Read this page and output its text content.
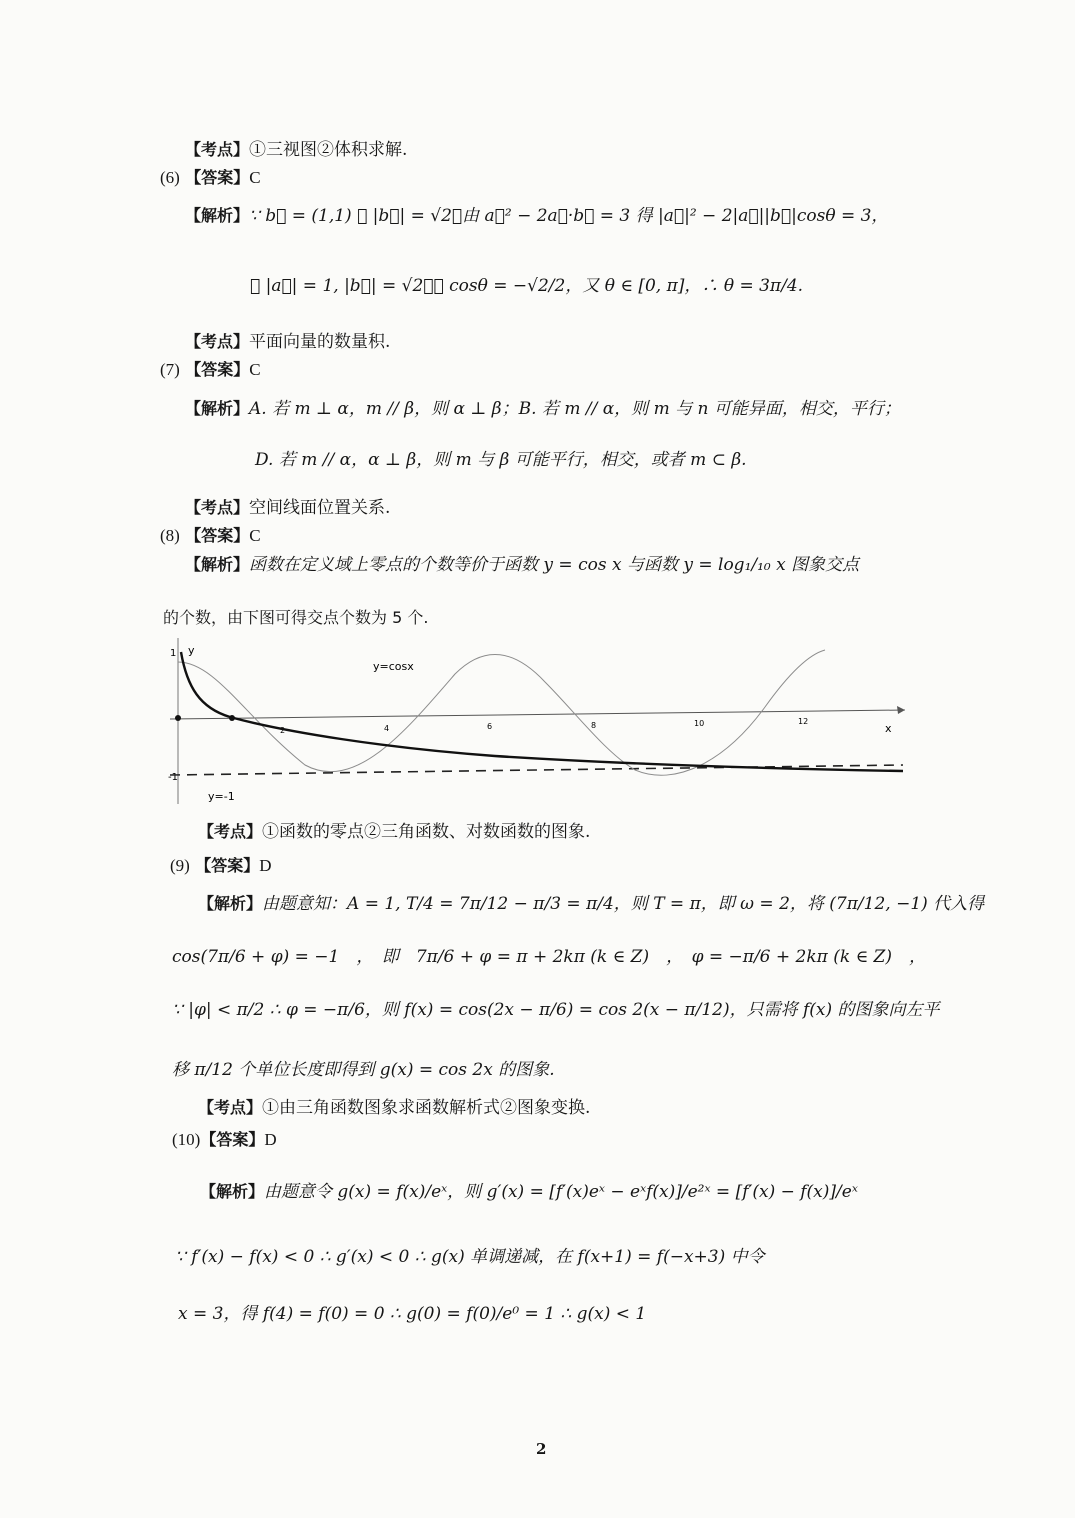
【考点】①三视图②体积求解.
(6) 【答案】C
【解析】∵ b⃗ = (1,1) ∴ |b⃗| = √2，由 a⃗² − 2a⃗·b⃗ = 3 得 |a⃗|² − 2|a⃗||b⃗|cosθ = 3，
∵ |a⃗| = 1, |b⃗| = √2，∴ cosθ = −√2/2，又 θ ∈ [0, π]，∴ θ = 3π/4.
【考点】平面向量的数量积.
(7) 【答案】C
【解析】A. 若 m ⊥ α，m // β，则 α ⊥ β；B. 若 m // α，则 m 与 n 可能异面，相交，平行；
D. 若 m // α，α ⊥ β，则 m 与 β 可能平行，相交，或者 m ⊂ β.
【考点】空间线面位置关系.
(8) 【答案】C
【解析】函数在定义域上零点的个数等价于函数 y = cos x 与函数 y = log₁/₁₀ x 图象交点
的个数，由下图可得交点个数为 5 个.
1 y
x
-1
2	4	6	8	10	12
y=-1
y=cosx
【考点】①函数的零点②三角函数、对数函数的图象.
(9) 【答案】D
【解析】由题意知：A = 1, T/4 = 7π/12 − π/3 = π/4，则 T = π，即 ω = 2，将 (7π/12, −1) 代入得
cos(7π/6 + φ) = −1　，　即　7π/6 + φ = π + 2kπ (k ∈ Z)　，　φ = −π/6 + 2kπ (k ∈ Z)　，
∵ |φ| < π/2 ∴ φ = −π/6，则 f(x) = cos(2x − π/6) = cos 2(x − π/12)，只需将 f(x) 的图象向左平
移 π/12 个单位长度即得到 g(x) = cos 2x 的图象.
【考点】①由三角函数图象求函数解析式②图象变换.
(10)【答案】D
【解析】由题意令 g(x) = f(x)/eˣ，则 g′(x) = [f′(x)eˣ − eˣf(x)]/e²ˣ = [f′(x) − f(x)]/eˣ
∵ f′(x) − f(x) < 0 ∴ g′(x) < 0 ∴ g(x) 单调递减，在 f(x+1) = f(−x+3) 中令
x = 3，得 f(4) = f(0) = 0 ∴ g(0) = f(0)/e⁰ = 1 ∴ g(x) < 1
2
